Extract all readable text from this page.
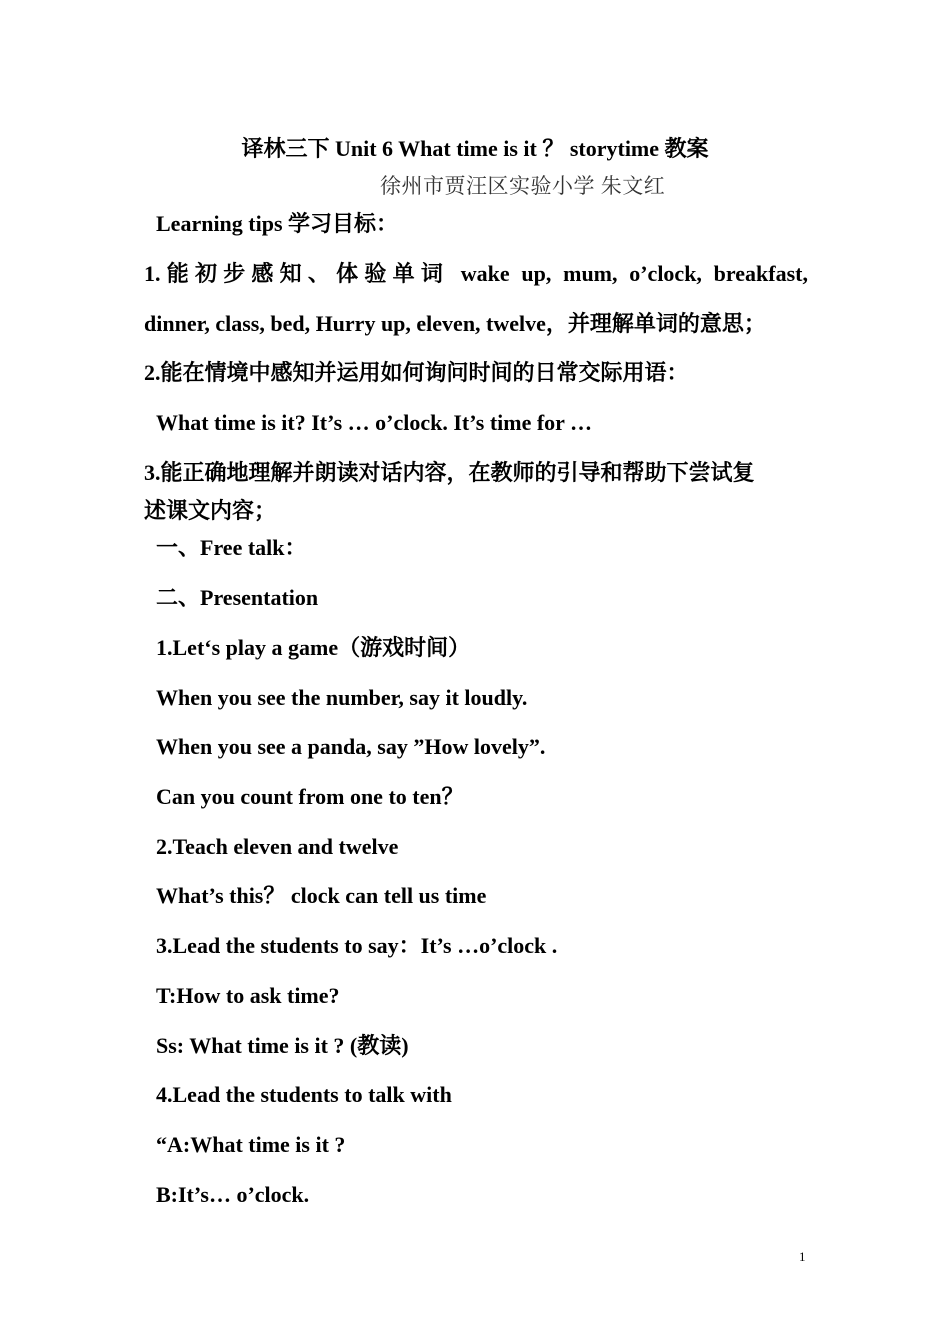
译林三下 Unit 6 What time is it ？ storytime 教案
徐州市贾汪区实验小学 朱文红
Learning tips 学习目标：
1.能初步感知、体验单词 wake up, mum, o’clock, breakfast,
dinner, class, bed, Hurry up, eleven, twelve，并理解单词的意思；
2.能在情境中感知并运用如何询问时间的日常交际用语：
What time is it? It’s … o’clock. It’s time for …
3.能正确地理解并朗读对话内容，在教师的引导和帮助下尝试复
述课文内容；
一、Free talk：
二、Presentation
1.Let‘s play a game（游戏时间）
When you see the number, say it loudly.
When you see a panda, say ”How lovely”.
Can you count from one to ten？
2.Teach eleven and twelve
What’s this？ clock can tell us time
3.Lead the students to say：It’s …o’clock .
T:How to ask time?
Ss: What time is it ? (教读)
4.Lead the students to talk with
“A:What time is it ?
B:It’s… o’clock.
1
